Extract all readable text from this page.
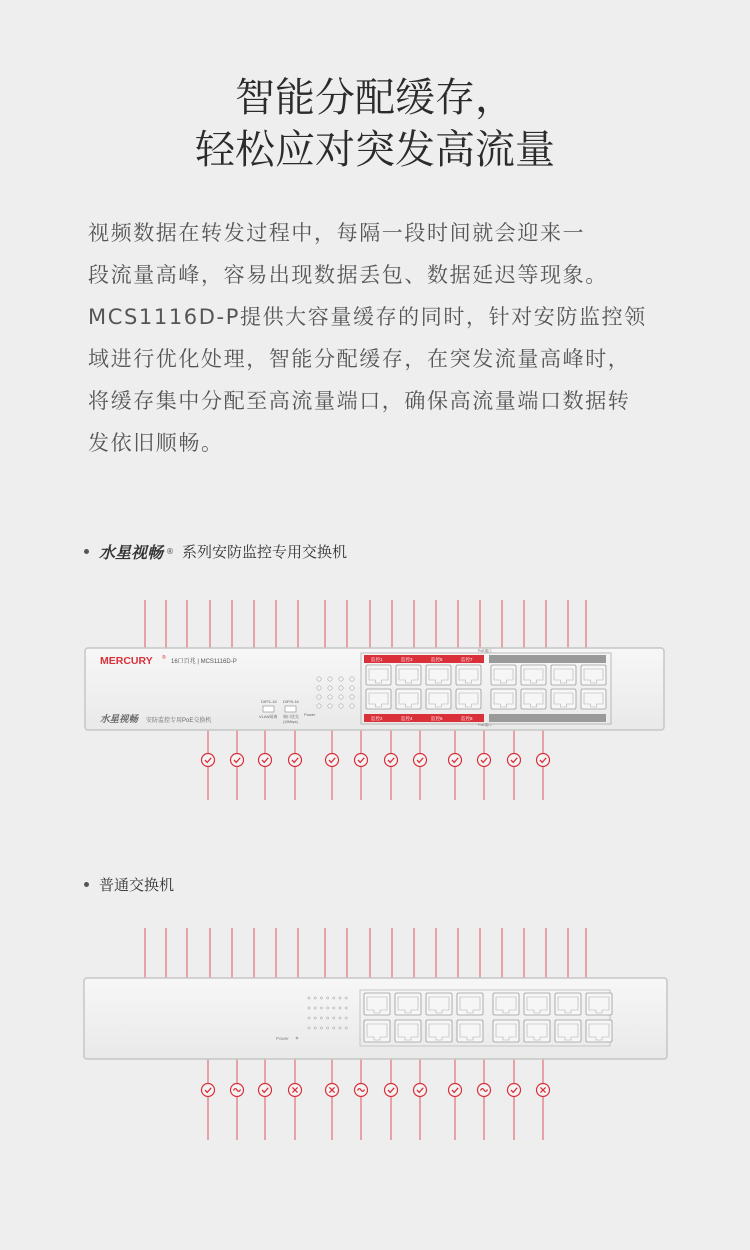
智能分配缓存，
轻松应对突发高流量
视频数据在转发过程中，每隔一段时间就会迎来一
段流量高峰，容易出现数据丢包、数据延迟等现象。
MCS1116D-P提供大容量缓存的同时，针对安防监控领
域进行优化处理，智能分配缓存，在突发流量高峰时，
将缓存集中分配至高流量端口，确保高流量端口数据转
发依旧顺畅。
水星视畅 ® 系列安防监控专用交换机
普通交换机
MERCURY ®
16口百兆 | MCS1116D-P
水星视畅 安防监控专用PoE交换机
DIP/1-16
VLAN隔离
DIP/9-16
端口优先
(10Mbps)
Power
PoE端口
PoE端口
监控1	监控3	监控5	监控7
监控2	监控4	监控6	监控8
Power
